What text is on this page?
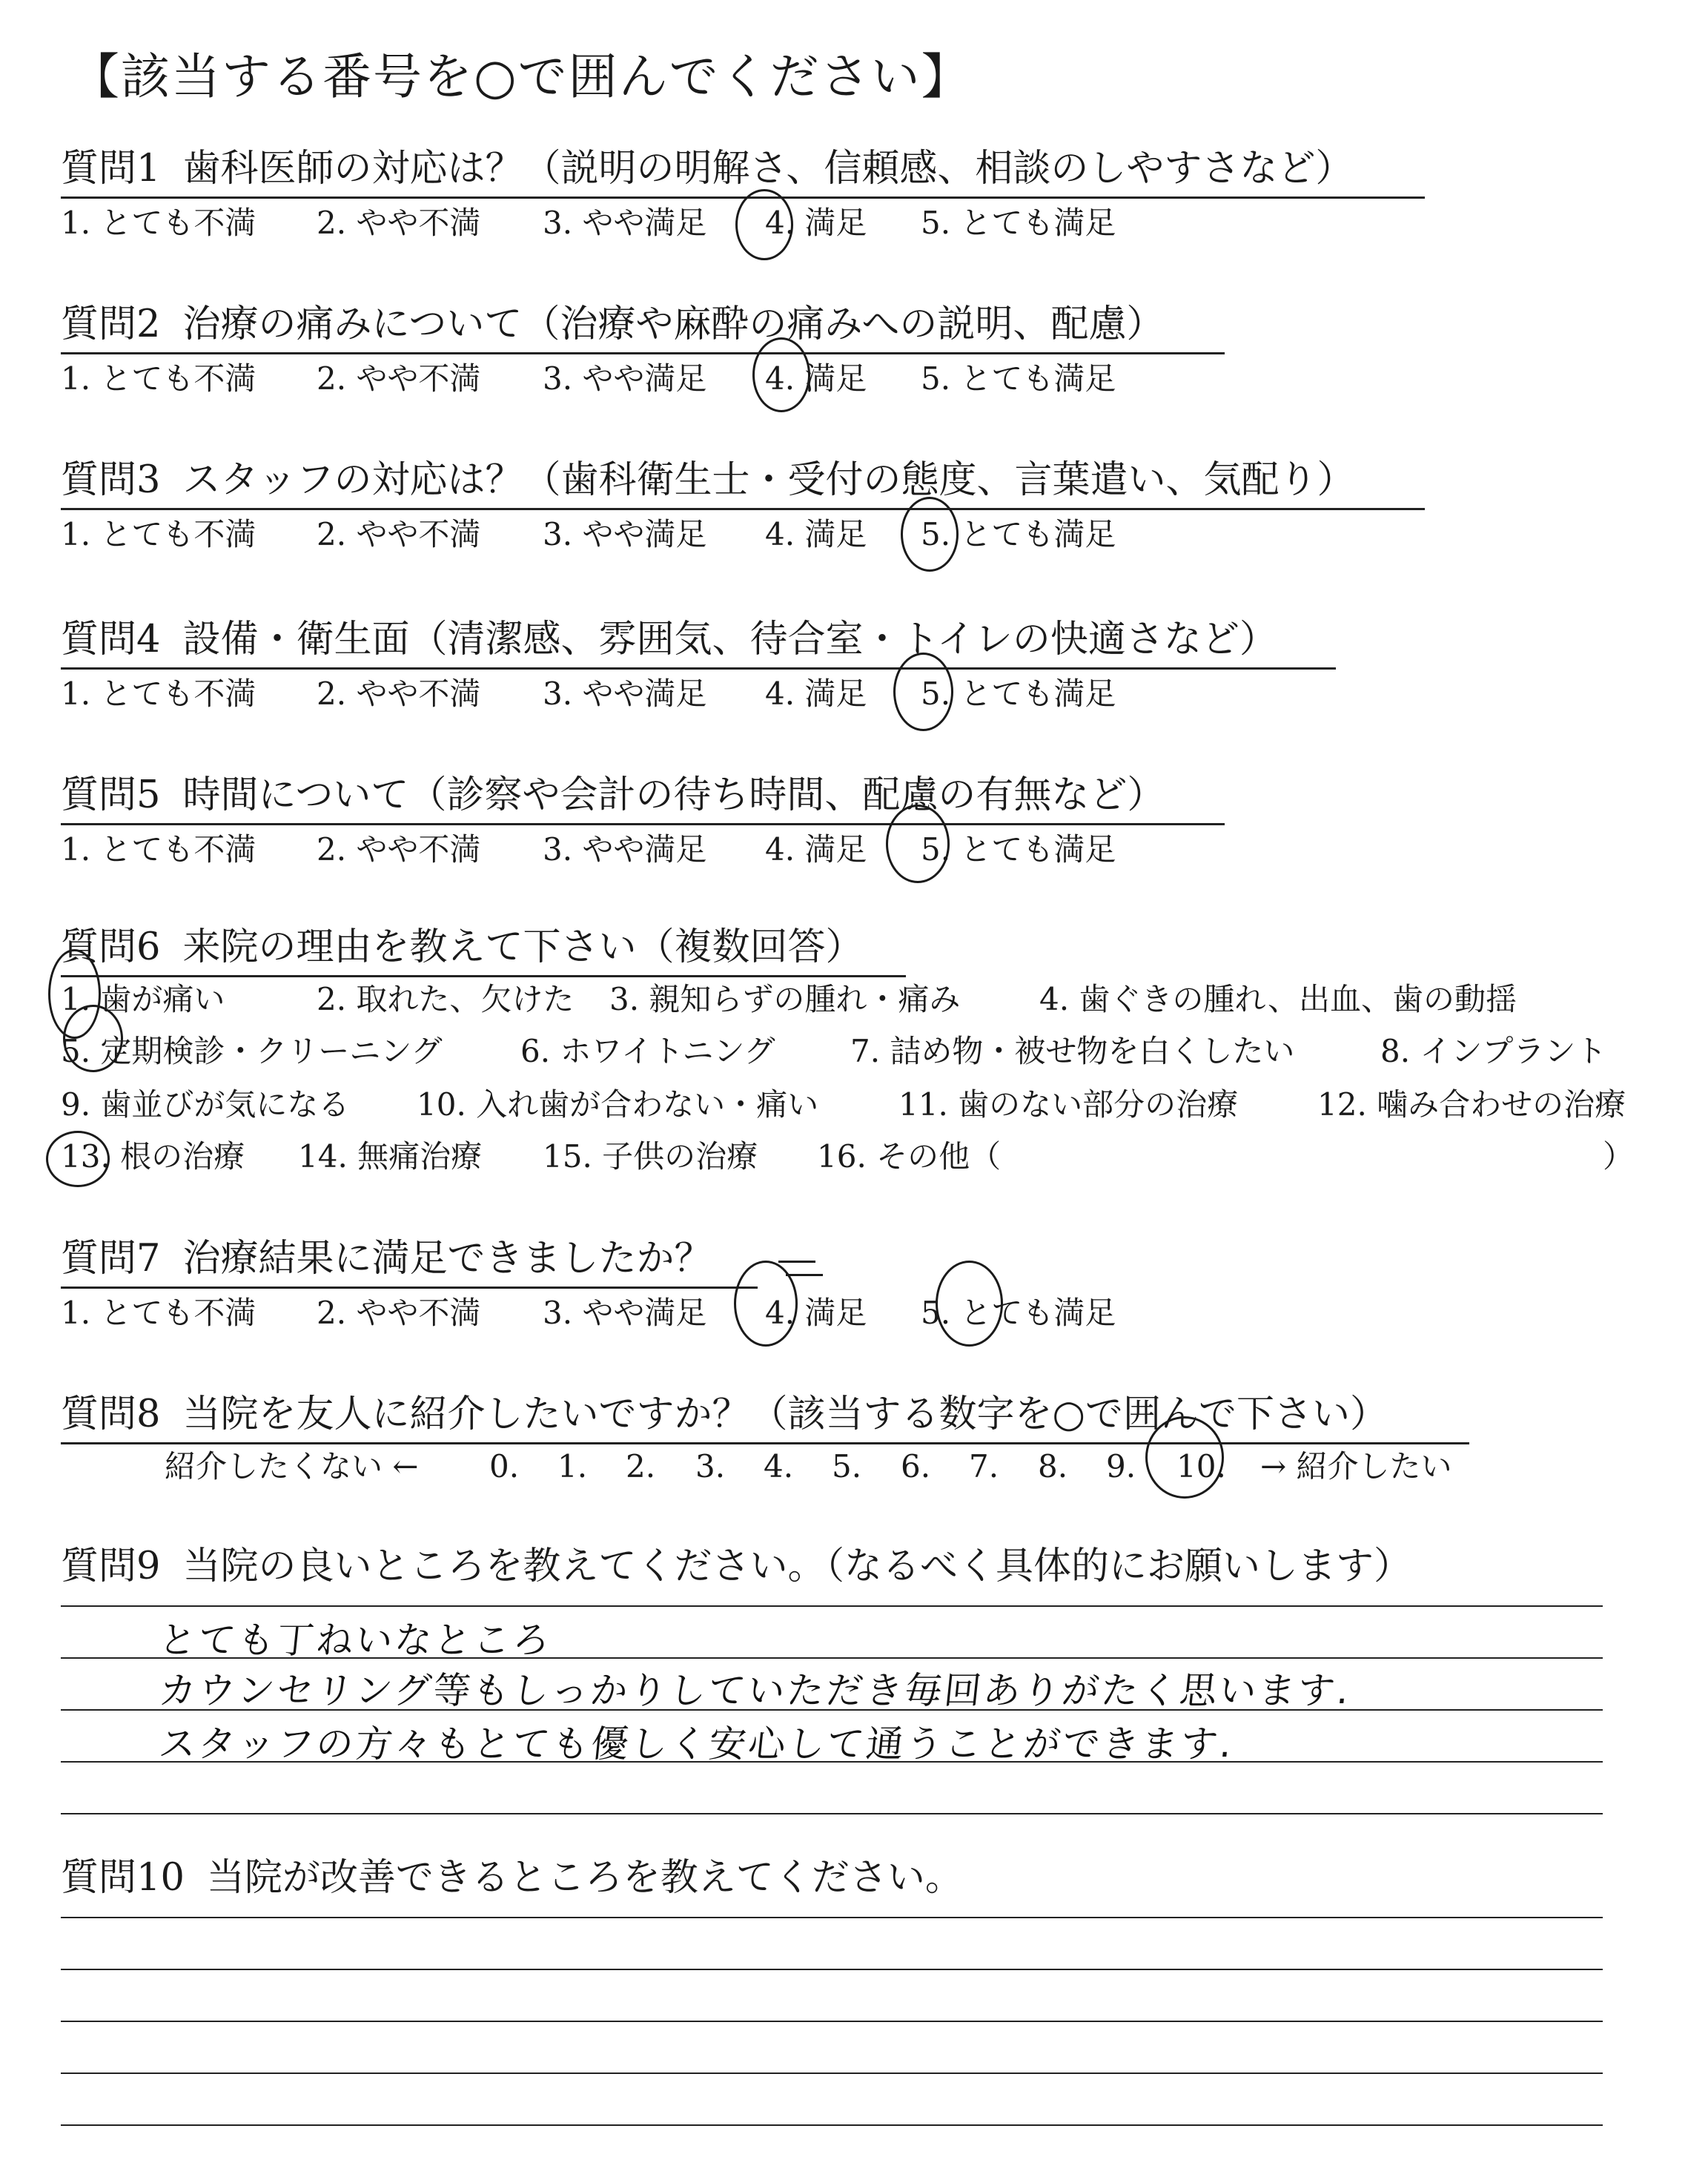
【該当する番号を○で囲んでください】
質問1 歯科医師の対応は？（説明の明解さ、信頼感、相談のしやすさなど）
1. とても不満 2. やや不満 3. やや満足 4. 満足 5. とても満足
質問2 治療の痛みについて（治療や麻酔の痛みへの説明、配慮）
1. とても不満 2. やや不満 3. やや満足 4. 満足 5. とても満足
質問3 スタッフの対応は？（歯科衛生士・受付の態度、言葉遣い、気配り）
1. とても不満 2. やや不満 3. やや満足 4. 満足 5. とても満足
質問4 設備・衛生面（清潔感、雰囲気、待合室・トイレの快適さなど）
1. とても不満 2. やや不満 3. やや満足 4. 満足 5. とても満足
質問5 時間について（診察や会計の待ち時間、配慮の有無など）
1. とても不満 2. やや不満 3. やや満足 4. 満足 5. とても満足
質問6 来院の理由を教えて下さい（複数回答）
1. 歯が痛い	2. 取れた、欠けた 3. 親知らずの腫れ・痛み	4. 歯ぐきの腫れ、出血、歯の動揺
5. 定期検診・クリーニング	6. ホワイトニング 7. 詰め物・被せ物を白くしたい	8. インプラント
9. 歯並びが気になる 10. 入れ歯が合わない・痛い	11. 歯のない部分の治療	12. 噛み合わせの治療
13. 根の治療 14. 無痛治療 15. 子供の治療 16. その他（	）
質問7 治療結果に満足できましたか？
1. とても不満 2. やや不満 3. やや満足 4. 満足 5. とても満足
質問8 当院を友人に紹介したいですか？（該当する数字を○で囲んで下さい）
紹介したくない ← 0. 1. 2. 3. 4. 5. 6. 7. 8. 9. 10. → 紹介したい
質問9 当院の良いところを教えてください。（なるべく具体的にお願いします）
とても丁ねいなところ
カウンセリング等もしっかりしていただき毎回ありがたく思います.
スタッフの方々もとても優しく安心して通うことができます.
質問10 当院が改善できるところを教えてください。
